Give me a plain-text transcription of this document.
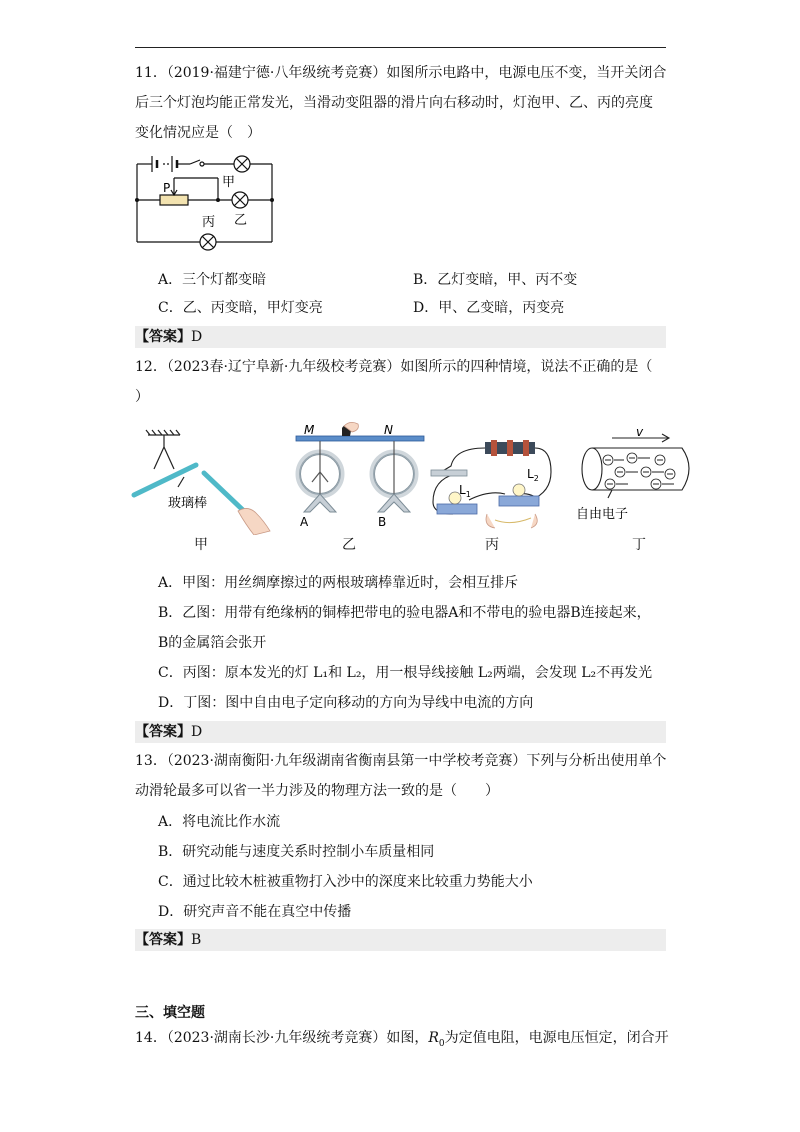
11．（2019·福建宁德·八年级统考竞赛）如图所示电路中，电源电压不变，当开关闭合
后三个灯泡均能正常发光，当滑动变阻器的滑片向右移动时，灯泡甲、乙、丙的亮度
变化情况应是（　）
P	甲
乙
丙
A．三个灯都变暗	B．乙灯变暗，甲、丙不变
C．乙、丙变暗，甲灯变亮	D．甲、乙变暗，丙变亮
【答案】D
12．（2023春·辽宁阜新·九年级校考竞赛）如图所示的四种情境，说法不正确的是（
）
玻璃棒
M	N
A	B
$L_1$
$L_2$
v
自由电子
甲	乙	丙	丁
A．甲图：用丝绸摩擦过的两根玻璃棒靠近时，会相互排斥
B．乙图：用带有绝缘柄的铜棒把带电的验电器A和不带电的验电器B连接起来，
B的金属箔会张开
C．丙图：原本发光的灯 L₁和 L₂，用一根导线接触 L₂两端，会发现 L₂不再发光
D．丁图：图中自由电子定向移动的方向为导线中电流的方向
【答案】D
13．（2023·湖南衡阳·九年级湖南省衡南县第一中学校考竞赛）下列与分析出使用单个
动滑轮最多可以省一半力涉及的物理方法一致的是（　　）
A．将电流比作水流
B．研究动能与速度关系时控制小车质量相同
C．通过比较木桩被重物打入沙中的深度来比较重力势能大小
D．研究声音不能在真空中传播
【答案】B
三、填空题
14．（2023·湖南长沙·九年级统考竞赛）如图，$R_0$为定值电阻，电源电压恒定，闭合开
